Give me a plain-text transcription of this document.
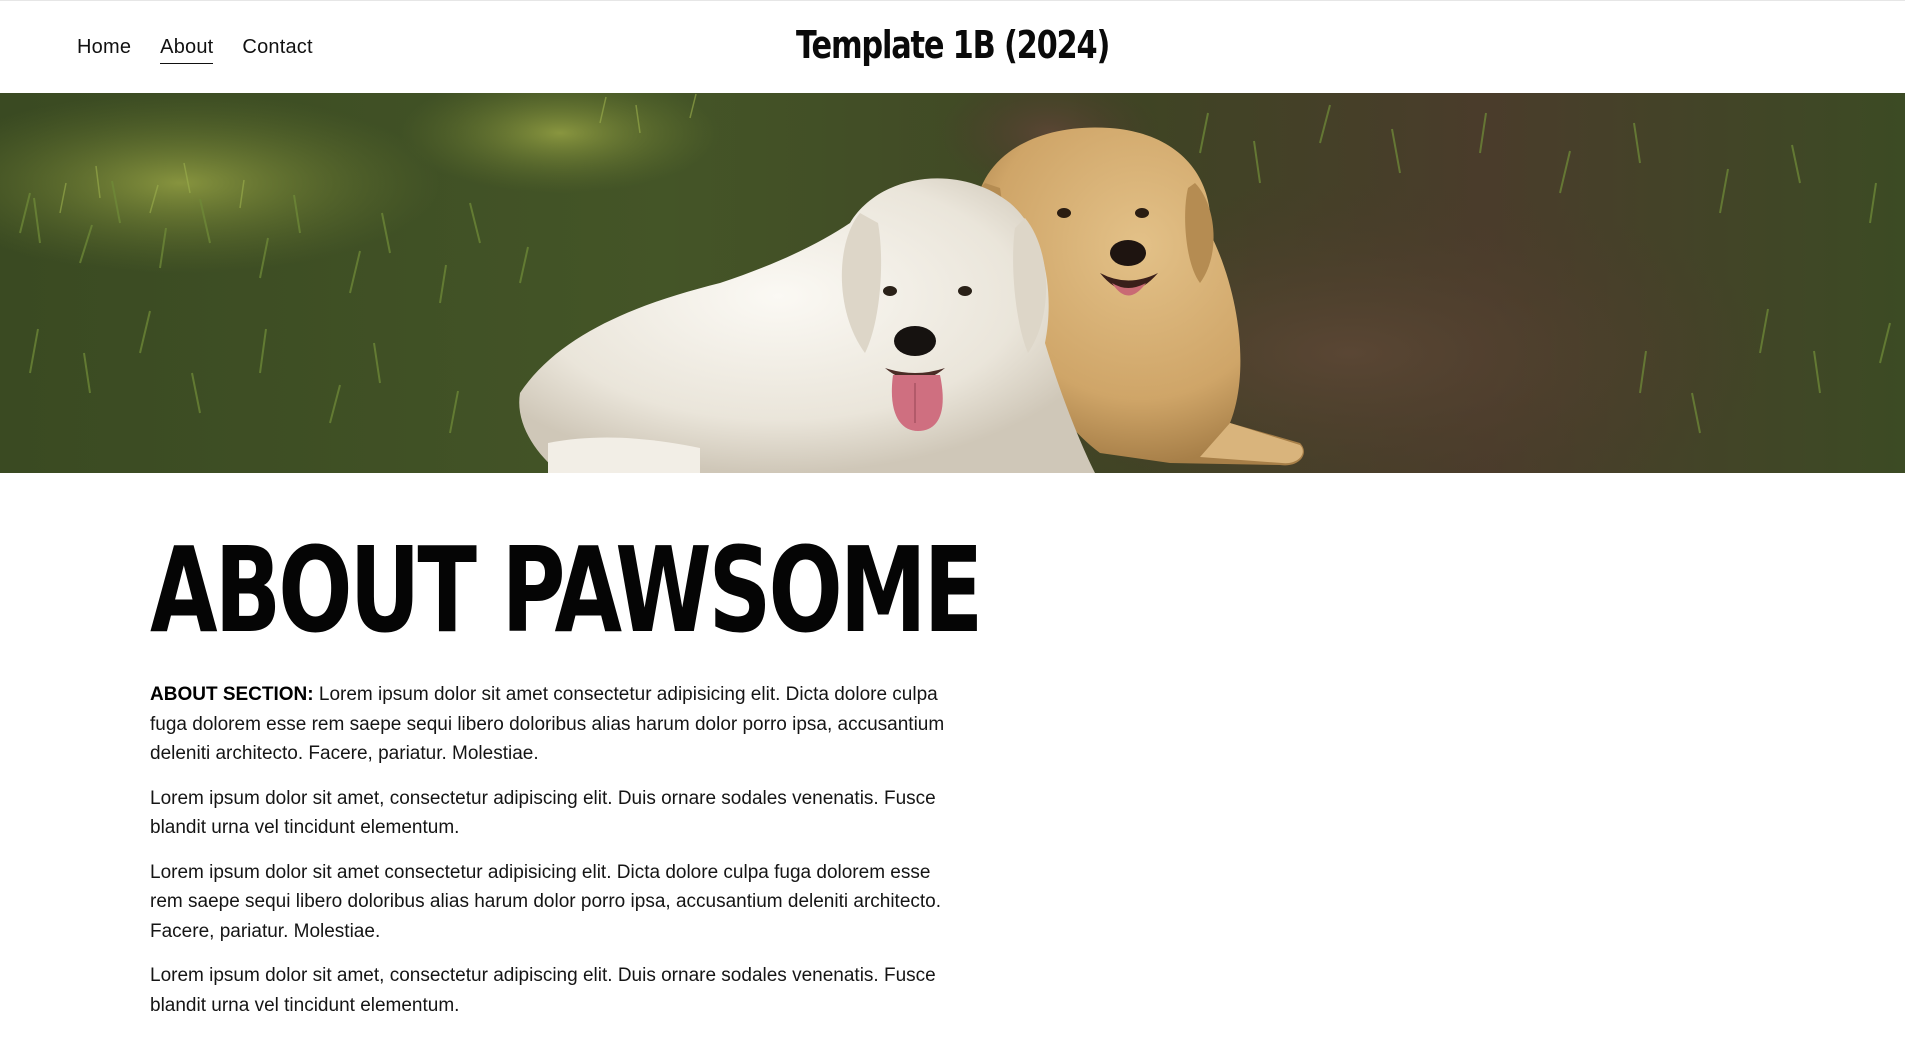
Home About Contact	Template 1B (2024)
ABOUT PAWSOME

ABOUT SECTION: Lorem ipsum dolor sit amet consectetur adipisicing elit. Dicta dolore culpa fuga dolorem esse rem saepe sequi libero doloribus alias harum dolor porro ipsa, accusantium deleniti architecto. Facere, pariatur. Molestiae.

Lorem ipsum dolor sit amet, consectetur adipiscing elit. Duis ornare sodales venenatis. Fusce blandit urna vel tincidunt elementum.

Lorem ipsum dolor sit amet consectetur adipisicing elit. Dicta dolore culpa fuga dolorem esse rem saepe sequi libero doloribus alias harum dolor porro ipsa, accusantium deleniti architecto. Facere, pariatur. Molestiae.

Lorem ipsum dolor sit amet, consectetur adipiscing elit. Duis ornare sodales venenatis. Fusce blandit urna vel tincidunt elementum.
